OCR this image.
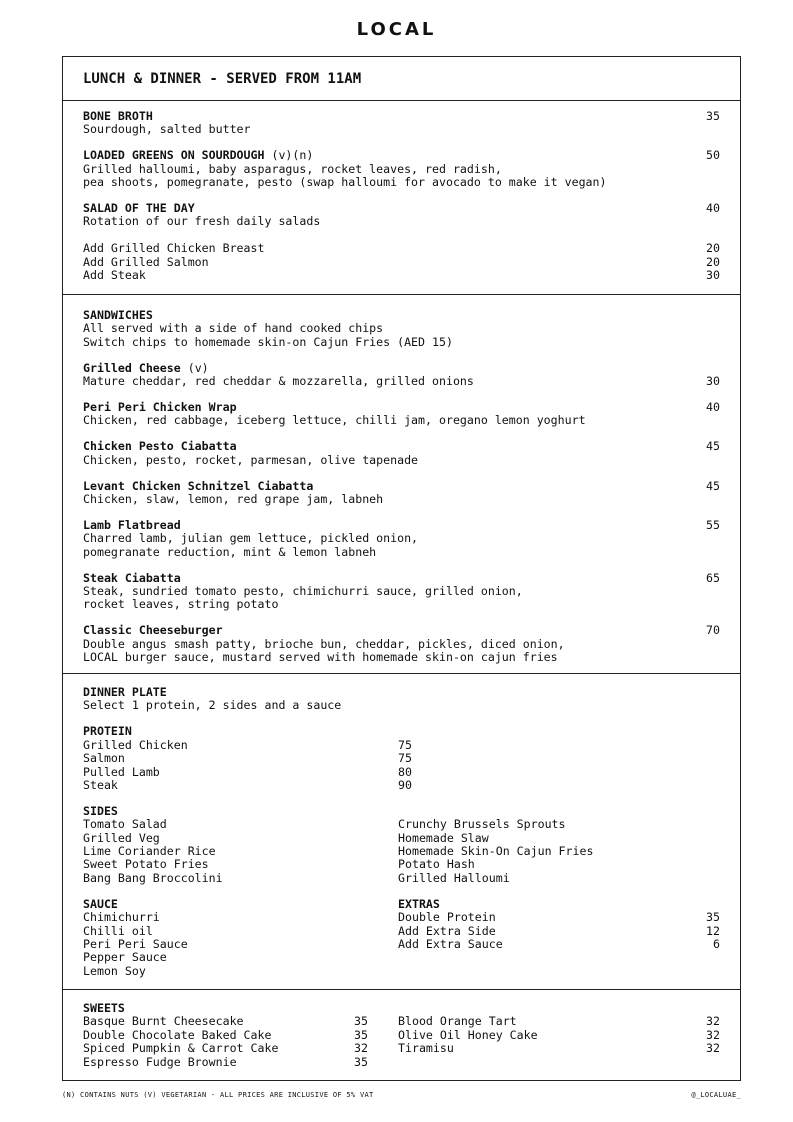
LOCAL
LUNCH & DINNER - SERVED FROM 11AM
BONE BROTH	35
Sourdough, salted butter
LOADED GREENS ON SOURDOUGH (v)(n)	50
Grilled halloumi, baby asparagus, rocket leaves, red radish,
pea shoots, pomegranate, pesto (swap halloumi for avocado to make it vegan)
SALAD OF THE DAY	40
Rotation of our fresh daily salads
Add Grilled Chicken Breast	20
Add Grilled Salmon	20
Add Steak	30
SANDWICHES
All served with a side of hand cooked chips
Switch chips to homemade skin-on Cajun Fries (AED 15)
Grilled Cheese (v)
Mature cheddar, red cheddar & mozzarella, grilled onions	30
Peri Peri Chicken Wrap	40
Chicken, red cabbage, iceberg lettuce, chilli jam, oregano lemon yoghurt
Chicken Pesto Ciabatta	45
Chicken, pesto, rocket, parmesan, olive tapenade
Levant Chicken Schnitzel Ciabatta	45
Chicken, slaw, lemon, red grape jam, labneh
Lamb Flatbread	55
Charred lamb, julian gem lettuce, pickled onion,
pomegranate reduction, mint & lemon labneh
Steak Ciabatta	65
Steak, sundried tomato pesto, chimichurri sauce, grilled onion,
rocket leaves, string potato
Classic Cheeseburger	70
Double angus smash patty, brioche bun, cheddar, pickles, diced onion,
LOCAL burger sauce, mustard served with homemade skin-on cajun fries
DINNER PLATE
Select 1 protein, 2 sides and a sauce
PROTEIN
Grilled Chicken	75
Salmon	75
Pulled Lamb	80
Steak	90
SIDES
Tomato Salad	Crunchy Brussels Sprouts
Grilled Veg	Homemade Slaw
Lime Coriander Rice	Homemade Skin-On Cajun Fries
Sweet Potato Fries	Potato Hash
Bang Bang Broccolini	Grilled Halloumi
SAUCE	EXTRAS
Chimichurri	Double Protein	35
Chilli oil	Add Extra Side	12
Peri Peri Sauce	Add Extra Sauce	6
Pepper Sauce
Lemon Soy
SWEETS
Basque Burnt Cheesecake	35	Blood Orange Tart	32
Double Chocolate Baked Cake	35	Olive Oil Honey Cake	32
Spiced Pumpkin & Carrot Cake	32	Tiramisu	32
Espresso Fudge Brownie	35
(N) CONTAINS NUTS (V) VEGETARIAN - ALL PRICES ARE INCLUSIVE OF 5% VAT	@_LOCALUAE_
